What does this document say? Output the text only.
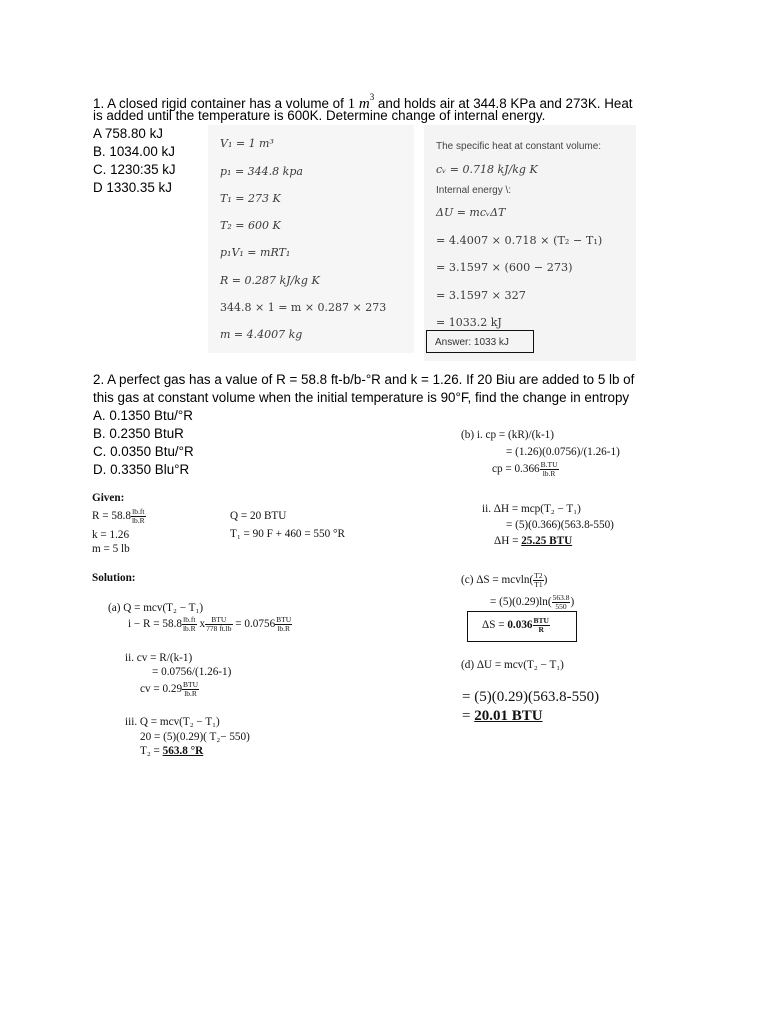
1. A closed rigid container has a volume of 1 $m^3$ and holds air at 344.8 KPa and 273K. Heat
is added until the temperature is 600K. Determine change of internal energy.
A 758.80 kJ
B. 1034.00 kJ
C. 1230:35 kJ
D 1330.35 kJ
V₁ = 1 m³
p₁ = 344.8 kpa
T₁ = 273 K
T₂ = 600 K
p₁V₁ = mRT₁
R = 0.287 kJ/kg K
344.8 × 1 = m × 0.287 × 273
m = 4.4007 kg
The specific heat at constant volume:
cᵥ = 0.718 kJ/kg K
Internal energy \:
ΔU = mcᵥΔT
= 4.4007 × 0.718 × (T₂ − T₁)
= 3.1597 × (600 − 273)
= 3.1597 × 327
= 1033.2 kJ
Answer: 1033 kJ
2. A perfect gas has a value of R = 58.8 ft-b/b-°R and k = 1.26. If 20 Biu are added to 5 lb of
this gas at constant volume when the initial temperature is 90°F, find the change in entropy
A. 0.1350 Btu/°R
B. 0.2350 BtuR
C. 0.0350 Btu/°R
D. 0.3350 Blu°R
Given:
$R = 58.8 \frac{lb.ft}{lb.R}$	Q = 20 BTU
k = 1.26	T₁ = 90 F + 460 = 550 °R
m = 5 lb
Solution:
(a) Q = mcv(T₂ − T₁)
$i - R = 58.8 \frac{lb.ft}{lb.R}$ x $\frac{\text{BTU}}{778 ft.lb} = 0.0756 \frac{\text{BTU}}{lb.R}$
ii. cv = R/(k-1)
= 0.0756/(1.26-1)
cv = $0.29 \frac{\text{BTU}}{lb.R}$
iii. Q = mcv(T₂ − T₁)
20 = (5)(0.29)( T₂− 550)
T₂ = 563.8 °R
(b) i. cp = (kR)/(k-1)
= (1.26)(0.0756)/(1.26-1)
cp = $0.366 \frac{B.TU}{lb.R}$
ii. ΔH = mcp(T₂ − T₁)
= (5)(0.366)(563.8-550)
ΔH = 25.25 BTU
(c) $\Delta S = mcvln( \frac{T2}{T1}$ )
= $(5)(0.29)\ln( \frac{563.8}{550}$ )
$\Delta S = 0.036 \frac{\text{BTU}}{R}$
(d) ΔU = mcv(T₂ − T₁)
= (5)(0.29)(563.8-550)
= 20.01 BTU
